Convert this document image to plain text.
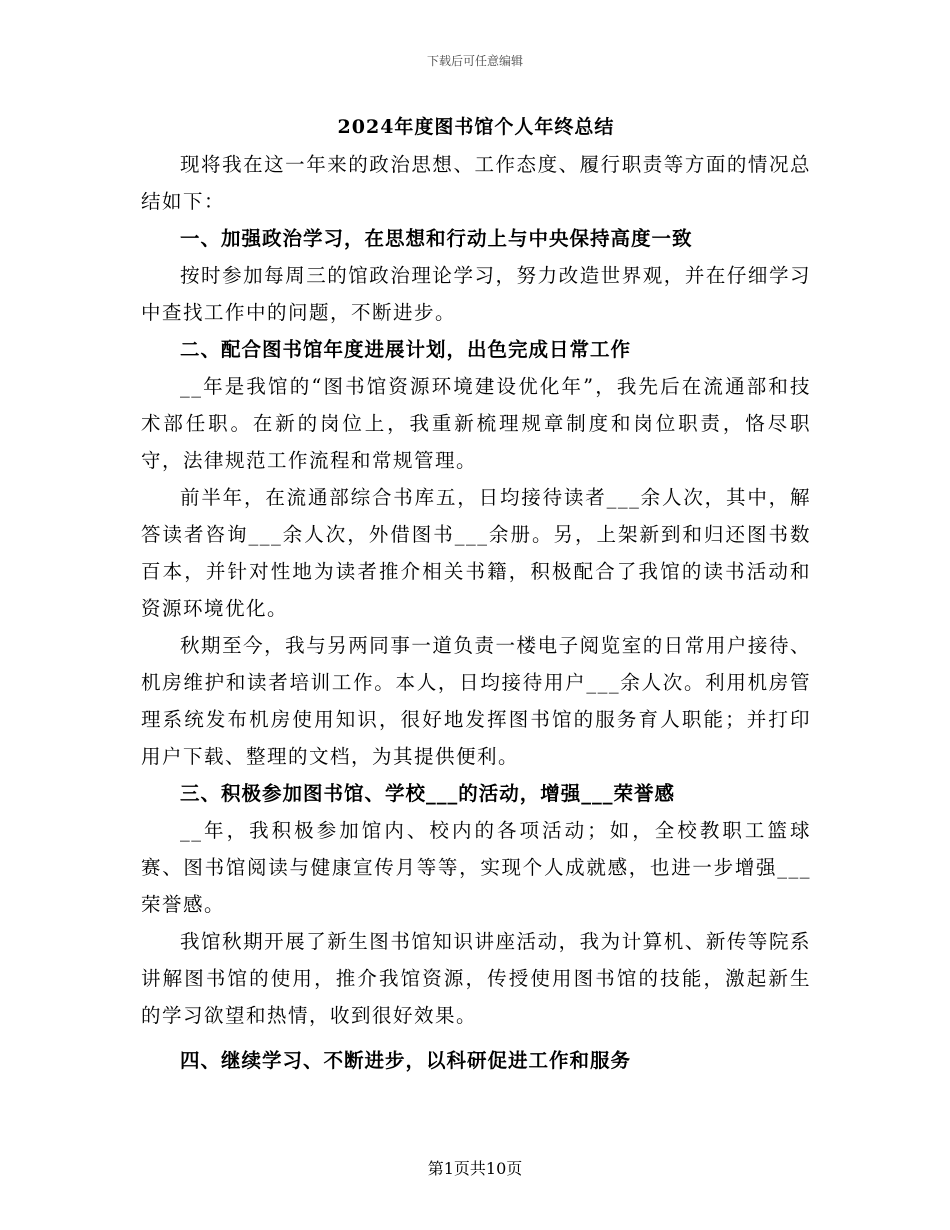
下载后可任意编辑
2024年度图书馆个人年终总结

现将我在这一年来的政治思想、工作态度、履行职责等方面的情况总结如下：

一、加强政治学习，在思想和行动上与中央保持高度一致

按时参加每周三的馆政治理论学习，努力改造世界观，并在仔细学习中查找工作中的问题，不断进步。

二、配合图书馆年度进展计划，出色完成日常工作

__年是我馆的“图书馆资源环境建设优化年”，我先后在流通部和技术部任职。在新的岗位上，我重新梳理规章制度和岗位职责，恪尽职守，法律规范工作流程和常规管理。

前半年，在流通部综合书库五，日均接待读者___余人次，其中，解答读者咨询___余人次，外借图书___余册。另，上架新到和归还图书数百本，并针对性地为读者推介相关书籍，积极配合了我馆的读书活动和资源环境优化。

秋期至今，我与另两同事一道负责一楼电子阅览室的日常用户接待、机房维护和读者培训工作。本人，日均接待用户___余人次。利用机房管理系统发布机房使用知识，很好地发挥图书馆的服务育人职能；并打印用户下载、整理的文档，为其提供便利。

三、积极参加图书馆、学校___的活动，增强___荣誉感

__年，我积极参加馆内、校内的各项活动；如，全校教职工篮球赛、图书馆阅读与健康宣传月等等，实现个人成就感，也进一步增强___荣誉感。

我馆秋期开展了新生图书馆知识讲座活动，我为计算机、新传等院系讲解图书馆的使用，推介我馆资源，传授使用图书馆的技能，激起新生的学习欲望和热情，收到很好效果。

四、继续学习、不断进步，以科研促进工作和服务

第1页共10页
